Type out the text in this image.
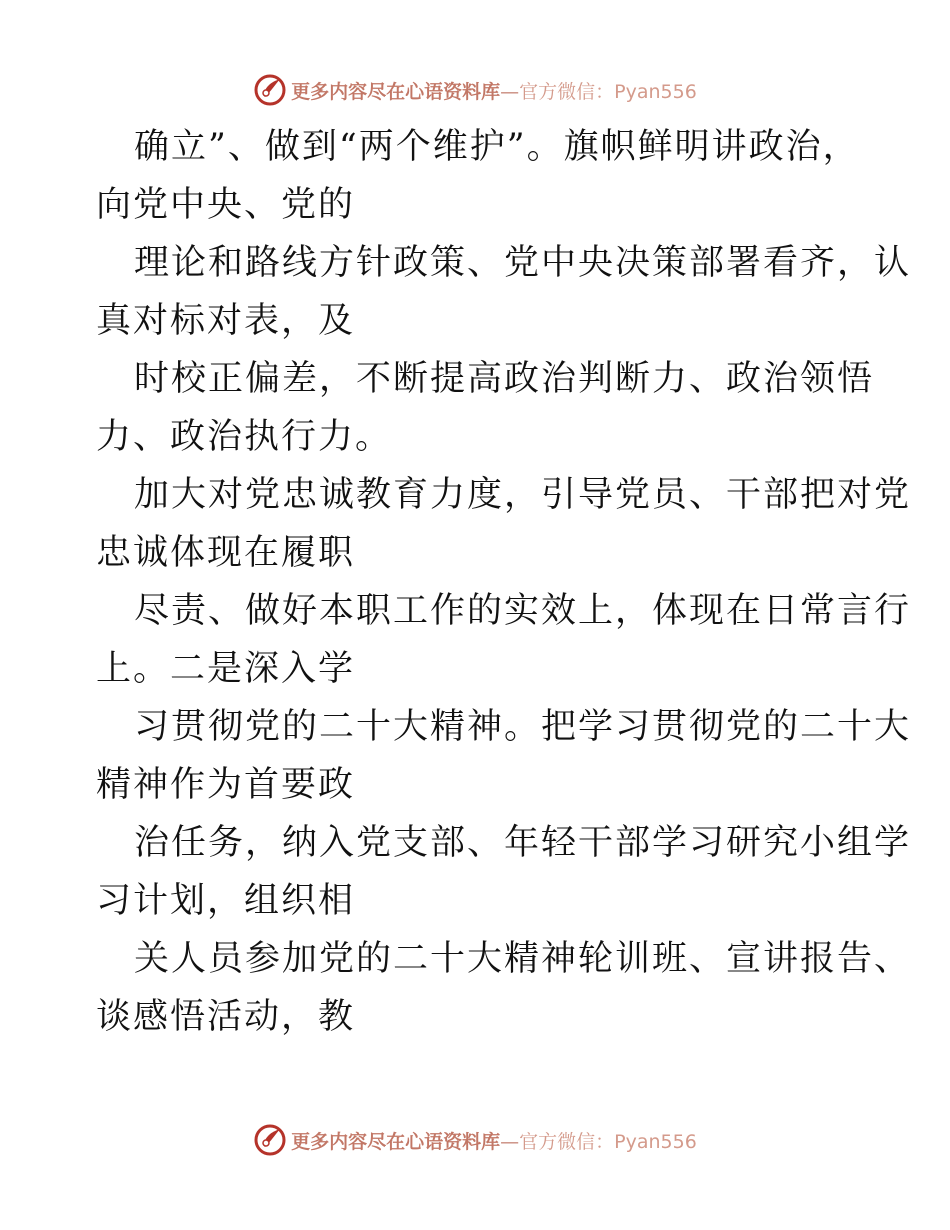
更多内容尽在心语资料库—官方微信：Pyan556
确立”、做到“两个维护”。旗帜鲜明讲政治，
向党中央、党的
理论和路线方针政策、党中央决策部署看齐，认
真对标对表，及
时校正偏差，不断提高政治判断力、政治领悟
力、政治执行力。
加大对党忠诚教育力度，引导党员、干部把对党
忠诚体现在履职
尽责、做好本职工作的实效上，体现在日常言行
上。二是深入学
习贯彻党的二十大精神。把学习贯彻党的二十大
精神作为首要政
治任务，纳入党支部、年轻干部学习研究小组学
习计划，组织相
关人员参加党的二十大精神轮训班、宣讲报告、
谈感悟活动，教
更多内容尽在心语资料库—官方微信：Pyan556
